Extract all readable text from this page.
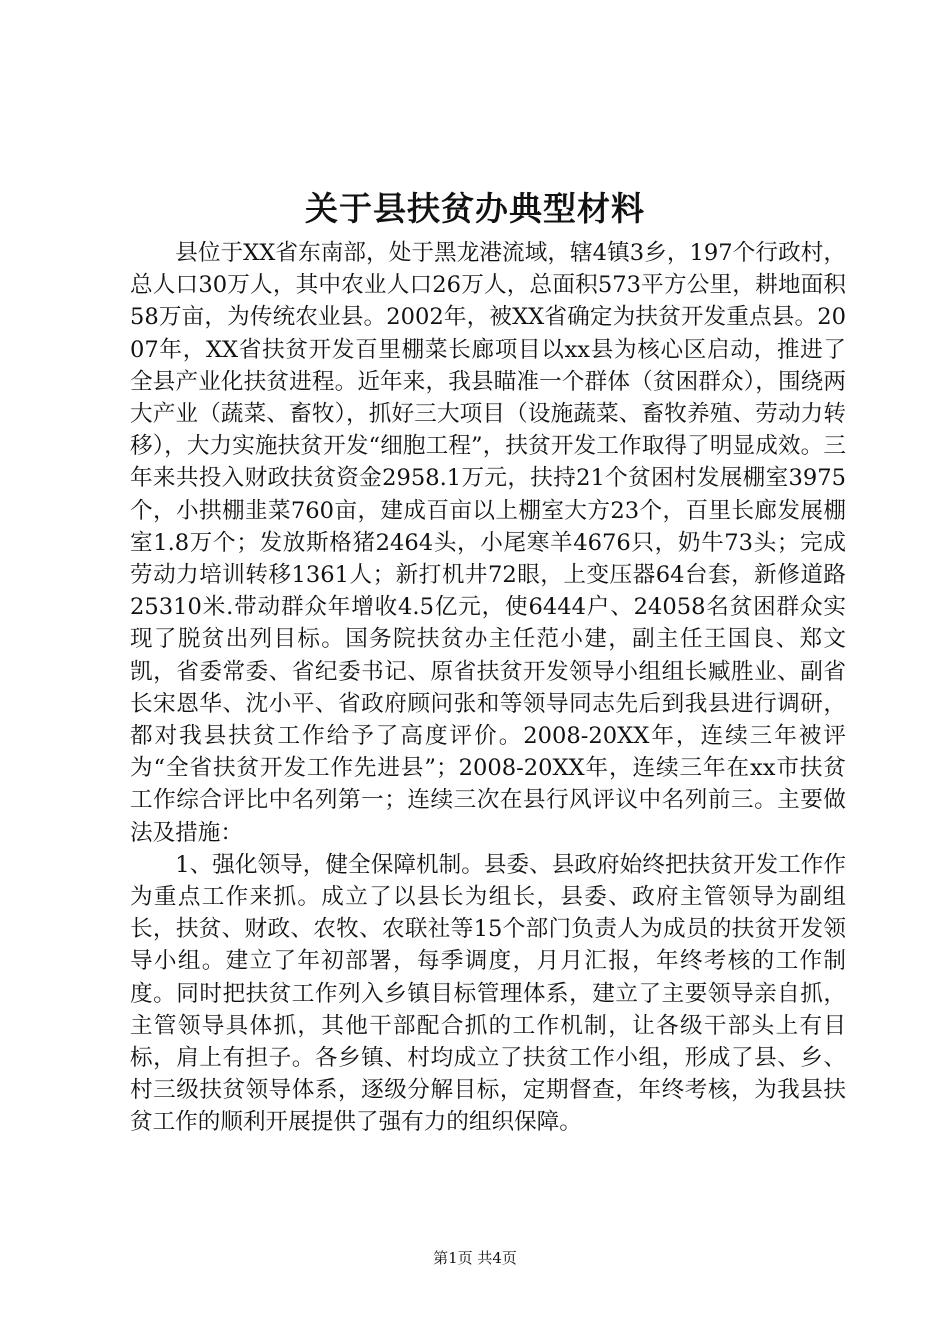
关于县扶贫办典型材料

县位于XX省东南部，处于黑龙港流域，辖4镇3乡，197个行政村，总人口30万人，其中农业人口26万人，总面积573平方公里，耕地面积58万亩，为传统农业县。2002年，被XX省确定为扶贫开发重点县。2007年，XX省扶贫开发百里棚菜长廊项目以xx县为核心区启动，推进了全县产业化扶贫进程。近年来，我县瞄准一个群体（贫困群众），围绕两大产业（蔬菜、畜牧），抓好三大项目（设施蔬菜、畜牧养殖、劳动力转移），大力实施扶贫开发“细胞工程”，扶贫开发工作取得了明显成效。三年来共投入财政扶贫资金2958.1万元，扶持21个贫困村发展棚室3975个，小拱棚韭菜760亩，建成百亩以上棚室大方23个，百里长廊发展棚室1.8万个；发放斯格猪2464头，小尾寒羊4676只，奶牛73头；完成劳动力培训转移1361人；新打机井72眼，上变压器64台套，新修道路25310米.带动群众年增收4.5亿元，使6444户、24058名贫困群众实现了脱贫出列目标。国务院扶贫办主任范小建，副主任王国良、郑文凯，省委常委、省纪委书记、原省扶贫开发领导小组组长臧胜业、副省长宋恩华、沈小平、省政府顾问张和等领导同志先后到我县进行调研，都对我县扶贫工作给予了高度评价。2008-20XX年，连续三年被评为“全省扶贫开发工作先进县”；2008-20XX年，连续三年在xx市扶贫工作综合评比中名列第一；连续三次在县行风评议中名列前三。主要做法及措施：

1、强化领导，健全保障机制。县委、县政府始终把扶贫开发工作作为重点工作来抓。成立了以县长为组长，县委、政府主管领导为副组长，扶贫、财政、农牧、农联社等15个部门负责人为成员的扶贫开发领导小组。建立了年初部署，每季调度，月月汇报，年终考核的工作制度。同时把扶贫工作列入乡镇目标管理体系，建立了主要领导亲自抓，主管领导具体抓，其他干部配合抓的工作机制，让各级干部头上有目标，肩上有担子。各乡镇、村均成立了扶贫工作小组，形成了县、乡、村三级扶贫领导体系，逐级分解目标，定期督查，年终考核，为我县扶贫工作的顺利开展提供了强有力的组织保障。

第1页 共4页
